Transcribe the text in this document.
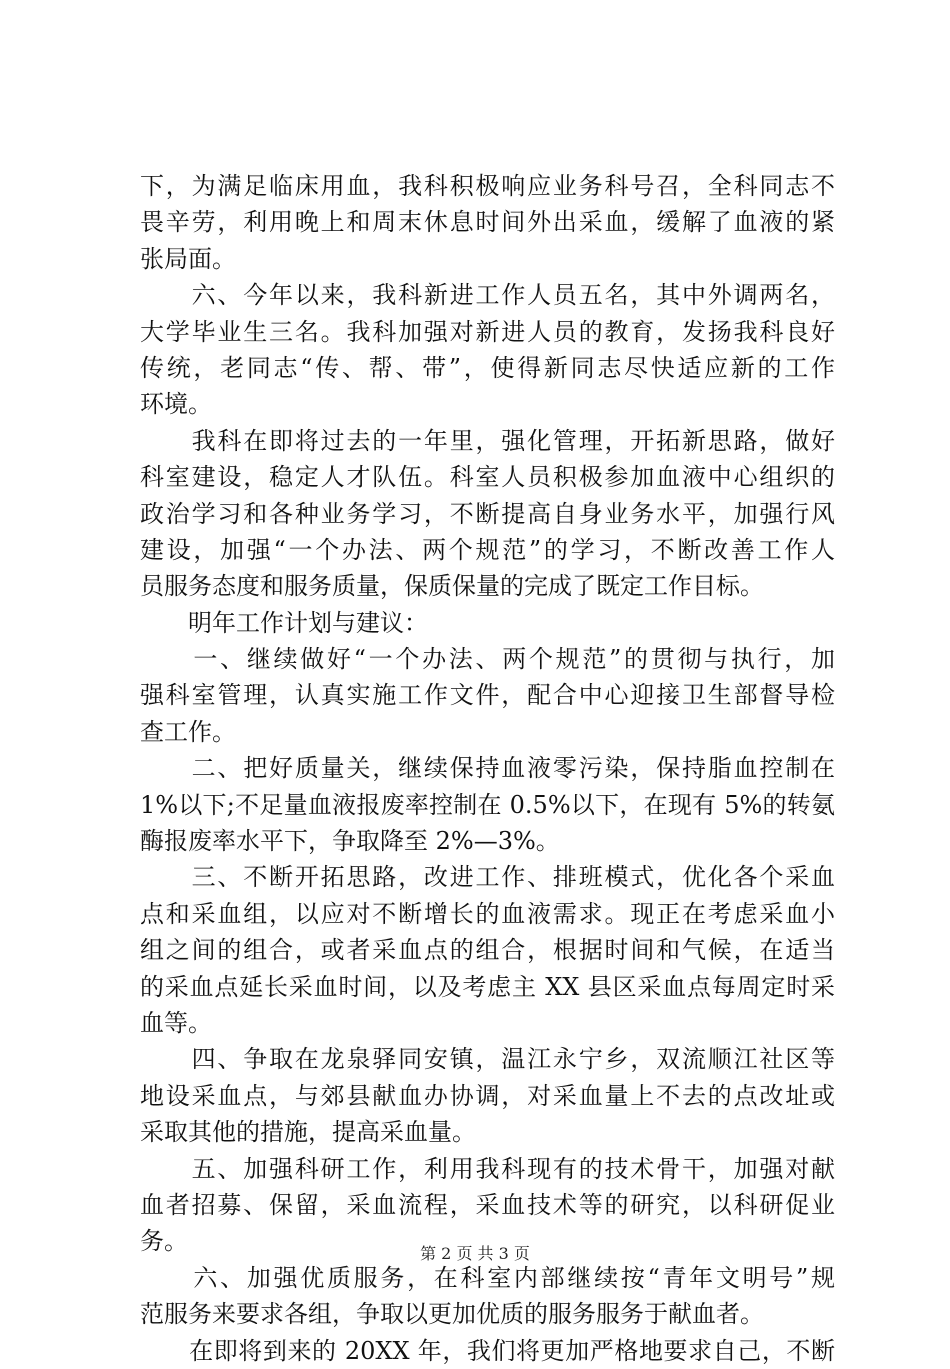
下，为满足临床用血，我科积极响应业务科号召，全科同志不
畏辛劳，利用晚上和周末休息时间外出采血，缓解了血液的紧
张局面。
　　六、今年以来，我科新进工作人员五名，其中外调两名，
大学毕业生三名。我科加强对新进人员的教育，发扬我科良好
传统，老同志“传、帮、带”，使得新同志尽快适应新的工作
环境。
　　我科在即将过去的一年里，强化管理，开拓新思路，做好
科室建设，稳定人才队伍。科室人员积极参加血液中心组织的
政治学习和各种业务学习，不断提高自身业务水平，加强行风
建设，加强“一个办法、两个规范”的学习，不断改善工作人
员服务态度和服务质量，保质保量的完成了既定工作目标。
　　明年工作计划与建议：
　　一、继续做好“一个办法、两个规范”的贯彻与执行，加
强科室管理，认真实施工作文件，配合中心迎接卫生部督导检
查工作。
　　二、把好质量关，继续保持血液零污染，保持脂血控制在
1%以下;不足量血液报废率控制在 0.5%以下，在现有 5%的转氨
酶报废率水平下，争取降至 2%—3%。
　　三、不断开拓思路，改进工作、排班模式，优化各个采血
点和采血组，以应对不断增长的血液需求。现正在考虑采血小
组之间的组合，或者采血点的组合，根据时间和气候，在适当
的采血点延长采血时间，以及考虑主 XX 县区采血点每周定时采
血等。
　　四、争取在龙泉驿同安镇，温江永宁乡，双流顺江社区等
地设采血点，与郊县献血办协调，对采血量上不去的点改址或
采取其他的措施，提高采血量。
　　五、加强科研工作，利用我科现有的技术骨干，加强对献
血者招募、保留，采血流程，采血技术等的研究，以科研促业
务。
　　六、加强优质服务，在科室内部继续按“青年文明号”规
范服务来要求各组，争取以更加优质的服务服务于献血者。
　　在即将到来的 20XX 年，我们将更加严格地要求自己，不断
第 2 页 共 3 页
